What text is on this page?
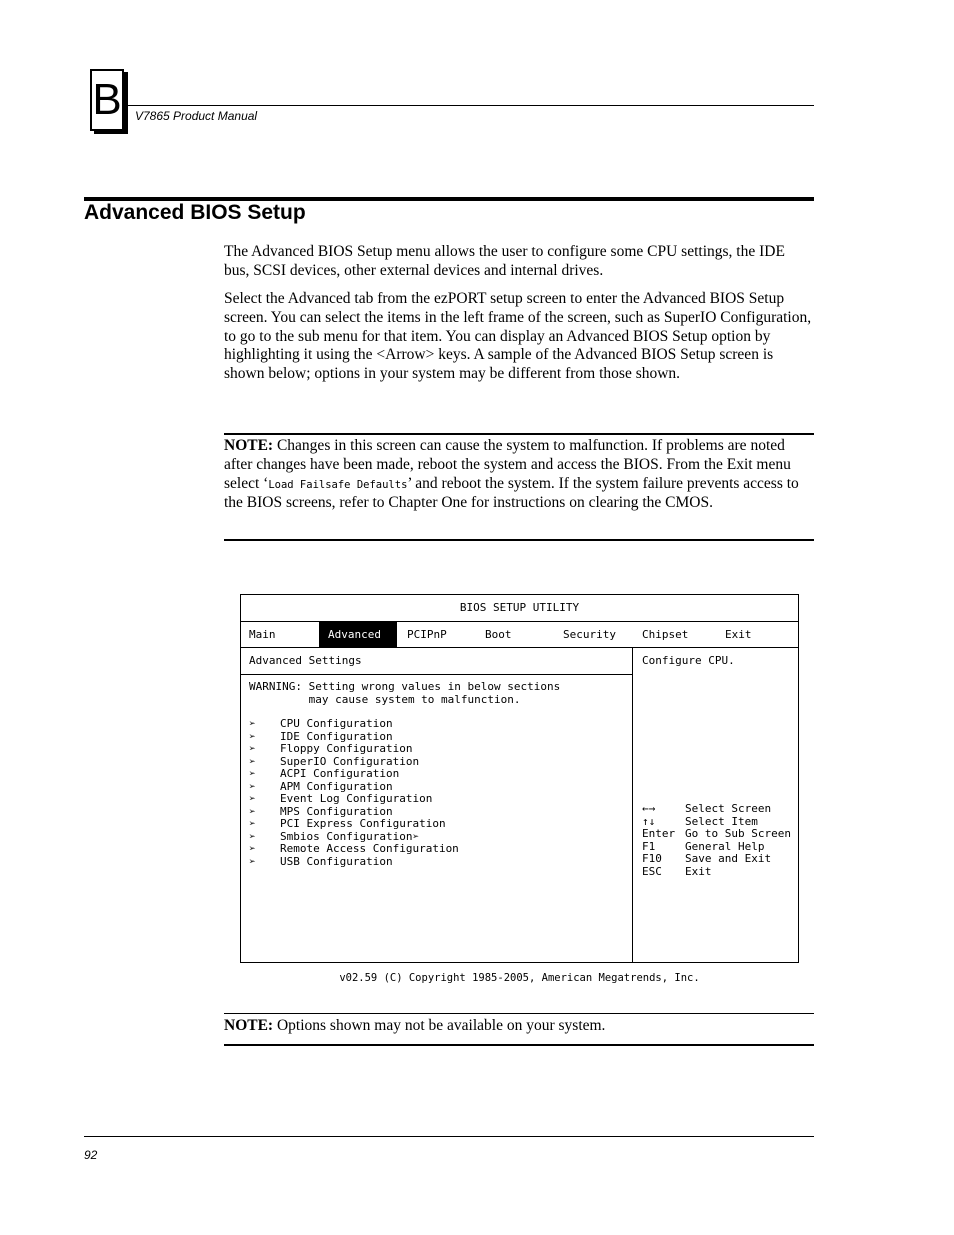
B V7865 Product Manual
Advanced BIOS Setup

The Advanced BIOS Setup menu allows the user to configure some CPU settings, the IDE bus, SCSI devices, other external devices and internal drives.

Select the Advanced tab from the ezPORT setup screen to enter the Advanced BIOS Setup screen. You can select the items in the left frame of the screen, such as SuperIO Configuration, to go to the sub menu for that item. You can display an Advanced BIOS Setup option by highlighting it using the <Arrow> keys. A sample of the Advanced BIOS Setup screen is shown below; options in your system may be different from those shown.

NOTE: Changes in this screen can cause the system to malfunction. If problems are noted after changes have been made, reboot the system and access the BIOS. From the Exit menu select ‘Load Failsafe Defaults’ and reboot the system. If the system failure prevents access to the BIOS screens, refer to Chapter One for instructions on clearing the CMOS.

BIOS SETUP UTILITY
Main	Advanced	PCIPnP	Boot	Security Chipset	Exit
Advanced Settings
WARNING: Setting wrong values in below sections
may cause system to malfunction.
➢	CPU Configuration
➢	IDE Configuration
➢	Floppy Configuration
➢	SuperIO Configuration
➢	ACPI Configuration
➢	APM Configuration
➢	Event Log Configuration
➢	MPS Configuration
➢	PCI Express Configuration
➢	Smbios Configuration➢
➢	Remote Access Configuration
➢	USB Configuration
Configure CPU.
←→	Select Screen
↑↓	Select Item
Enter Go to Sub Screen
F1	General Help
F10	Save and Exit
ESC	Exit
v02.59 (C) Copyright 1985-2005, American Megatrends, Inc.

NOTE: Options shown may not be available on your system.

92
